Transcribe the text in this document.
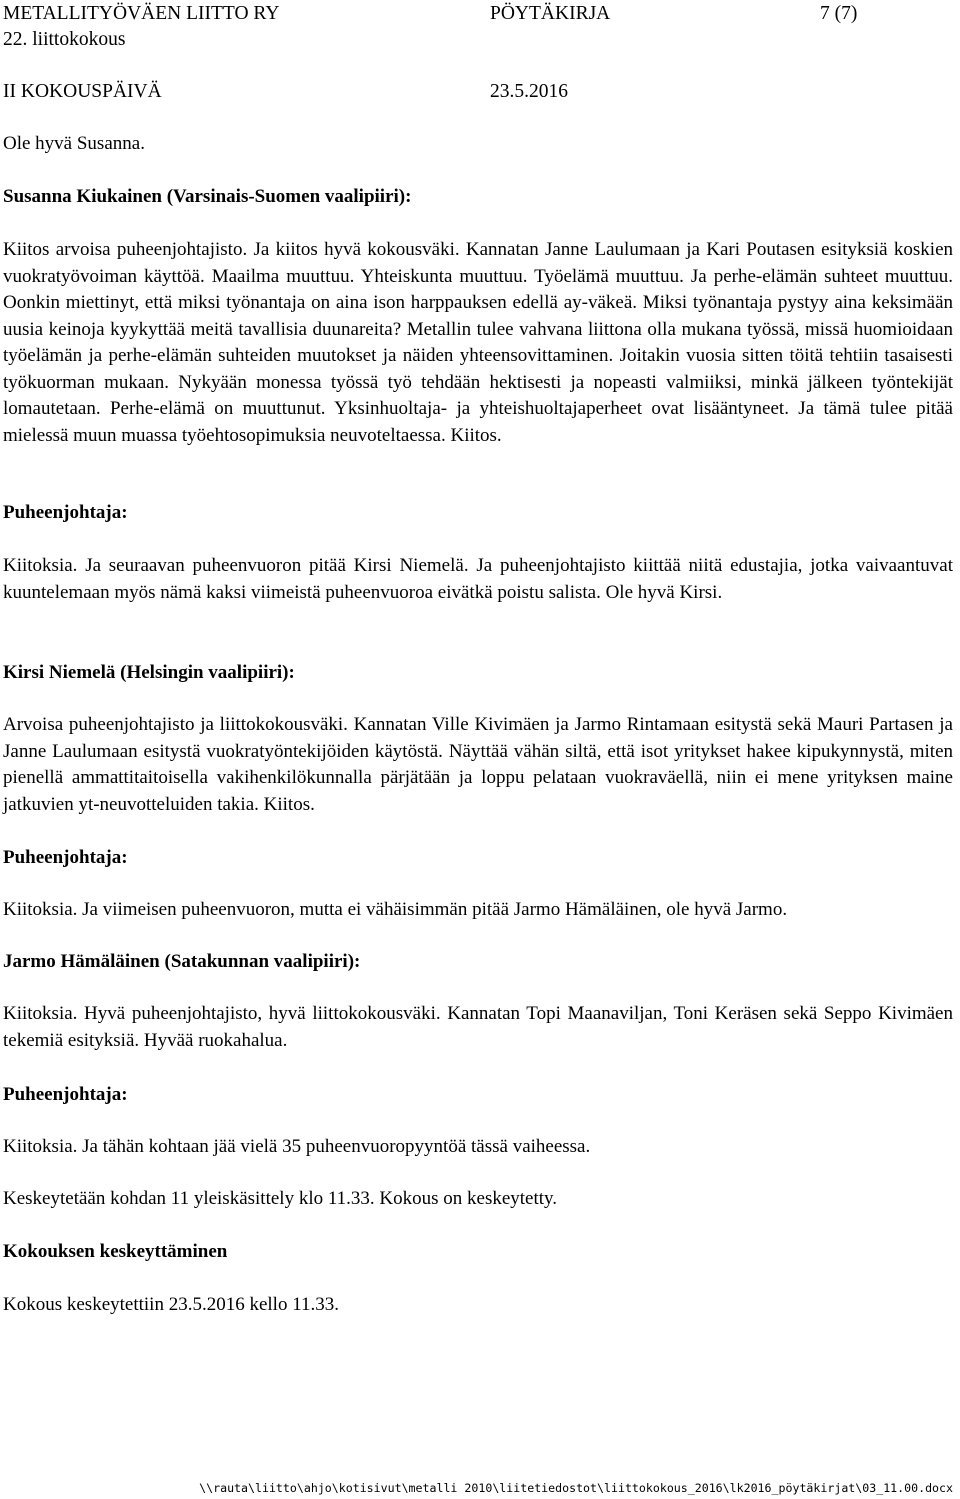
METALLITYÖVÄEN LIITTO RY	PÖYTÄKIRJA	7 (7)
22. liittokokous
II KOKOUSPÄIVÄ	23.5.2016

Ole hyvä Susanna.

Susanna Kiukainen (Varsinais-Suomen vaalipiiri):

Kiitos arvoisa puheenjohtajisto. Ja kiitos hyvä kokousväki. Kannatan Janne Laulumaan ja Kari Poutasen esityksiä koskien vuokratyövoiman käyttöä. Maailma muuttuu. Yhteiskunta muuttuu. Työelämä muuttuu. Ja perhe-elämän suhteet muuttuu. Oonkin miettinyt, että miksi työnantaja on aina ison harppauksen edellä ay-väkeä. Miksi työnantaja pystyy aina keksimään uusia keinoja kyykyttää meitä tavallisia duunareita? Metallin tulee vahvana liittona olla mukana työssä, missä huomioidaan työelämän ja perhe-elämän suhteiden muutokset ja näiden yhteensovittaminen. Joitakin vuosia sitten töitä tehtiin tasaisesti työkuorman mukaan. Nykyään monessa työssä työ tehdään hektisesti ja nopeasti valmiiksi, minkä jälkeen työntekijät lomautetaan. Perhe-elämä on muuttunut. Yksinhuoltaja- ja yhteishuoltajaperheet ovat lisääntyneet. Ja tämä tulee pitää mielessä muun muassa työehtosopimuksia neuvoteltaessa. Kiitos.

Puheenjohtaja:

Kiitoksia. Ja seuraavan puheenvuoron pitää Kirsi Niemelä. Ja puheenjohtajisto kiittää niitä edustajia, jotka vaivaantuvat kuuntelemaan myös nämä kaksi viimeistä puheenvuoroa eivätkä poistu salista. Ole hyvä Kirsi.

Kirsi Niemelä (Helsingin vaalipiiri):

Arvoisa puheenjohtajisto ja liittokokousväki. Kannatan Ville Kivimäen ja Jarmo Rintamaan esitystä sekä Mauri Partasen ja Janne Laulumaan esitystä vuokratyöntekijöiden käytöstä. Näyttää vähän siltä, että isot yritykset hakee kipukynnystä, miten pienellä ammattitaitoisella vakihenkilökunnalla pärjätään ja loppu pelataan vuokraväellä, niin ei mene yrityksen maine jatkuvien yt-neuvotteluiden takia. Kiitos.

Puheenjohtaja:

Kiitoksia. Ja viimeisen puheenvuoron, mutta ei vähäisimmän pitää Jarmo Hämäläinen, ole hyvä Jarmo.

Jarmo Hämäläinen (Satakunnan vaalipiiri):

Kiitoksia. Hyvä puheenjohtajisto, hyvä liittokokousväki. Kannatan Topi Maanaviljan, Toni Keräsen sekä Seppo Kivimäen tekemiä esityksiä. Hyvää ruokahalua.

Puheenjohtaja:

Kiitoksia. Ja tähän kohtaan jää vielä 35 puheenvuoropyyntöä tässä vaiheessa.

Keskeytetään kohdan 11 yleiskäsittely klo 11.33. Kokous on keskeytetty.

Kokouksen keskeyttäminen

Kokous keskeytettiin 23.5.2016 kello 11.33.

\\rauta\liitto\ahjo\kotisivut\metalli 2010\liitetiedostot\liittokokous_2016\lk2016_pöytäkirjat\03_11.00.docx
